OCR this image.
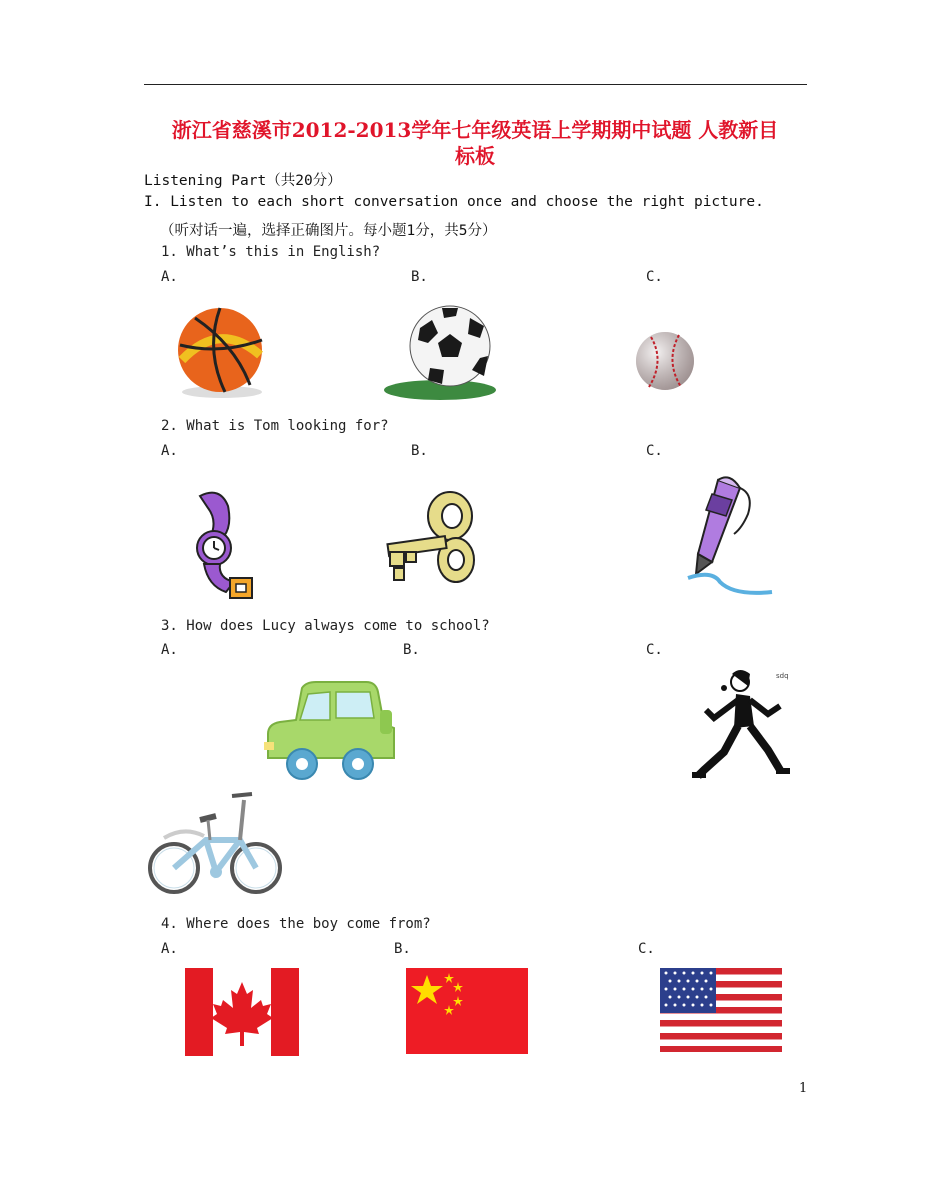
浙江省慈溪市2012-2013学年七年级英语上学期期中试题 人教新目
标板
Listening Part（共20分）
I. Listen to each short conversation once and choose the right picture.
（听对话一遍，选择正确图片。每小题1分，共5分）
1. What’s this in English?
A.	B.	C.
2. What is Tom looking for?
A.	B.	C.
3. How does Lucy always come to school?
A.	B.	C.
sdq
4. Where does the boy come from?
A.	B.	C.
1
